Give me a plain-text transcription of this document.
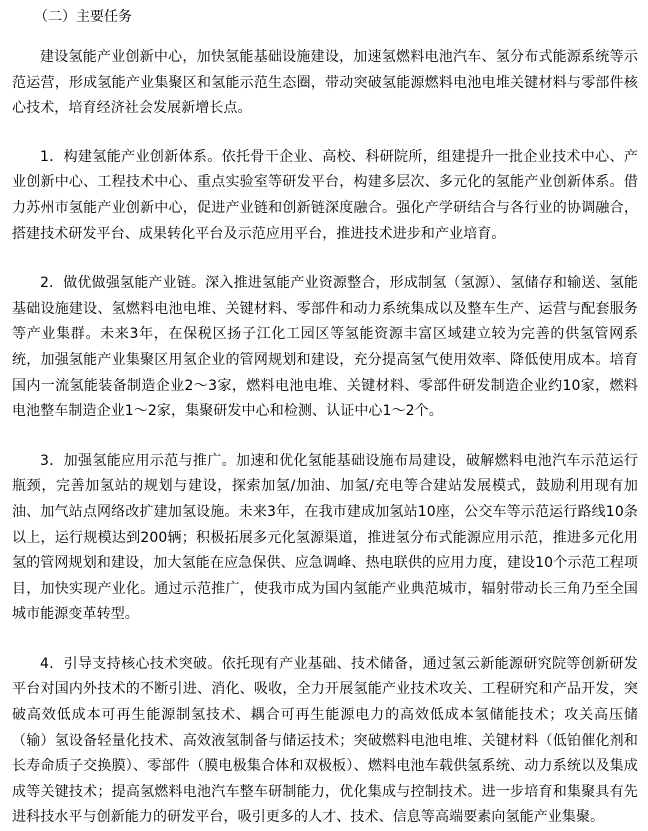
（二）主要任务

建设氢能产业创新中心，加快氢能基础设施建设，加速氢燃料电池汽车、氢分布式能源系统等示范运营，形成氢能产业集聚区和氢能示范生态圈，带动突破氢能源燃料电池电堆关键材料与零部件核心技术，培育经济社会发展新增长点。

1．构建氢能产业创新体系。依托骨干企业、高校、科研院所，组建提升一批企业技术中心、产业创新中心、工程技术中心、重点实验室等研发平台，构建多层次、多元化的氢能产业创新体系。借力苏州市氢能产业创新中心，促进产业链和创新链深度融合。强化产学研结合与各行业的协调融合，搭建技术研发平台、成果转化平台及示范应用平台，推进技术进步和产业培育。

2．做优做强氢能产业链。深入推进氢能产业资源整合，形成制氢（氢源）、氢储存和输送、氢能基础设施建设、氢燃料电池电堆、关键材料、零部件和动力系统集成以及整车生产、运营与配套服务等产业集群。未来3年，在保税区扬子江化工园区等氢能资源丰富区域建立较为完善的供氢管网系统，加强氢能产业集聚区用氢企业的管网规划和建设，充分提高氢气使用效率、降低使用成本。培育国内一流氢能装备制造企业2～3家，燃料电池电堆、关键材料、零部件研发制造企业约10家，燃料电池整车制造企业1～2家，集聚研发中心和检测、认证中心1～2个。

3．加强氢能应用示范与推广。加速和优化氢能基础设施布局建设，破解燃料电池汽车示范运行瓶颈，完善加氢站的规划与建设，探索加氢/加油、加氢/充电等合建站发展模式，鼓励利用现有加油、加气站点网络改扩建加氢设施。未来3年，在我市建成加氢站10座，公交车等示范运行路线10条以上，运行规模达到200辆；积极拓展多元化氢源渠道，推进氢分布式能源应用示范，推进多元化用氢的管网规划和建设，加大氢能在应急保供、应急调峰、热电联供的应用力度，建设10个示范工程项目，加快实现产业化。通过示范推广，使我市成为国内氢能产业典范城市，辐射带动长三角乃至全国城市能源变革转型。

4．引导支持核心技术突破。依托现有产业基础、技术储备，通过氢云新能源研究院等创新研发平台对国内外技术的不断引进、消化、吸收，全力开展氢能产业技术攻关、工程研究和产品开发，突破高效低成本可再生能源制氢技术、耦合可再生能源电力的高效低成本氢储能技术；攻关高压储（输）氢设备轻量化技术、高效液氢制备与储运技术；突破燃料电池电堆、关键材料（低铂催化剂和长寿命质子交换膜）、零部件（膜电极集合体和双极板）、燃料电池车载供氢系统、动力系统以及集成成等关键技术；提高氢燃料电池汽车整车研制能力，优化集成与控制技术。进一步培育和集聚具有先进科技水平与创新能力的研发平台，吸引更多的人才、技术、信息等高端要素向氢能产业集聚。
